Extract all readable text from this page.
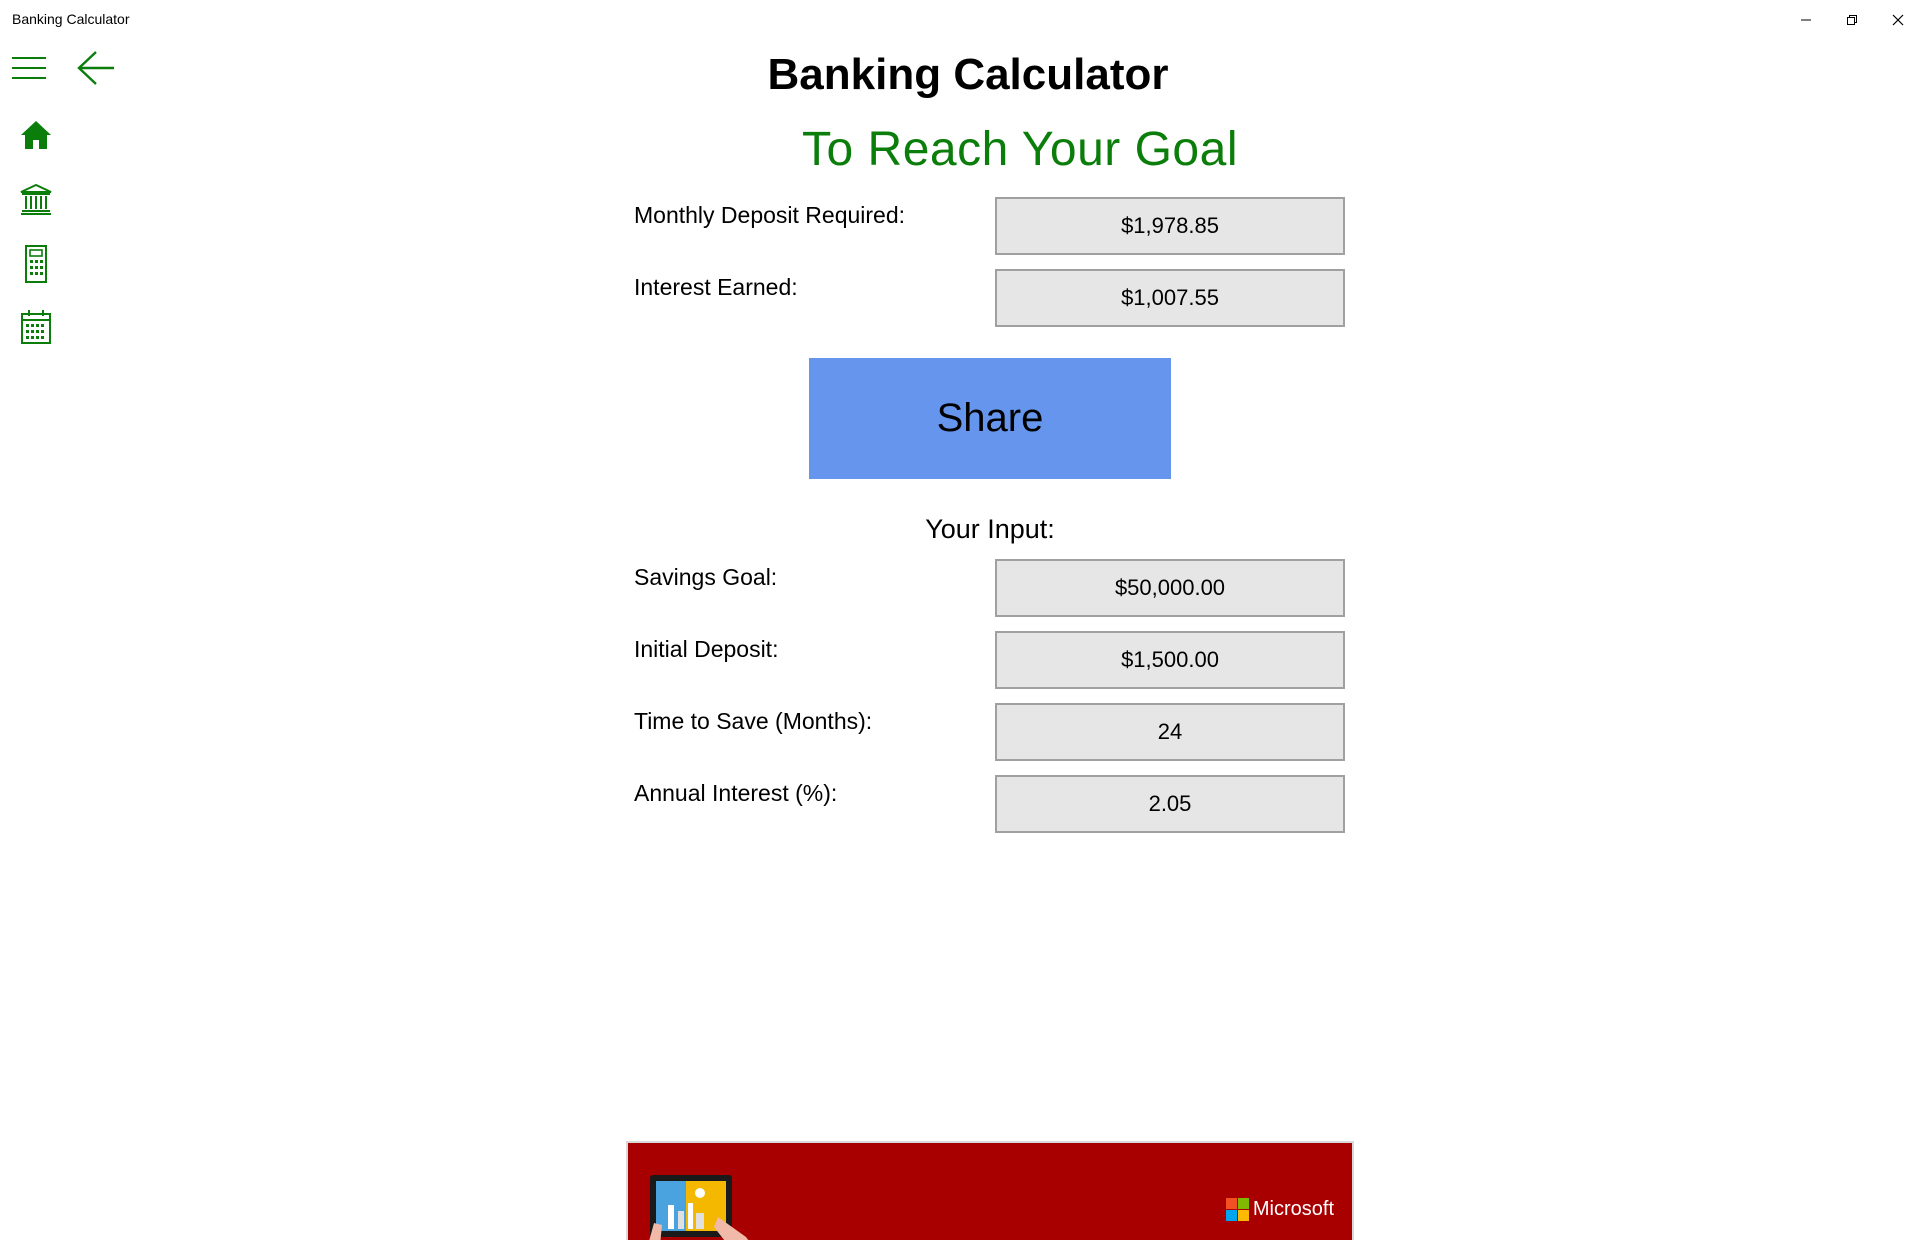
Banking Calculator
Banking Calculator
To Reach Your Goal
Monthly Deposit Required:	$1,978.85
Interest Earned:	$1,007.55
Share
Your Input:
Savings Goal:	$50,000.00
Initial Deposit:	$1,500.00
Time to Save (Months):	24
Annual Interest (%):	2.05
Microsoft
